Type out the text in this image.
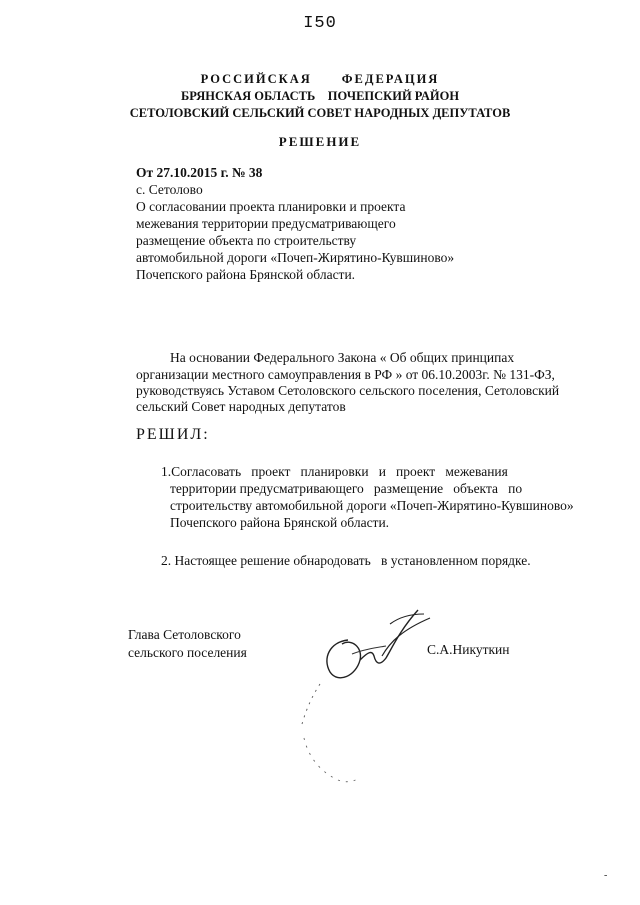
I50
РОССИЙСКАЯ ФЕДЕРАЦИЯ
БРЯНСКАЯ ОБЛАСТЬ    ПОЧЕПСКИЙ РАЙОН
СЕТОЛОВСКИЙ СЕЛЬСКИЙ СОВЕТ НАРОДНЫХ ДЕПУТАТОВ
РЕШЕНИЕ
От 27.10.2015 г. № 38
с. Сетолово
О согласовании проекта планировки и проекта
межевания территории предусматривающего
размещение объекта по строительству
автомобильной дороги «Почеп-Жирятино-Кувшиново»
Почепского района Брянской области.
На основании Федерального Закона « Об общих принципах
организации местного самоуправления в РФ » от 06.10.2003г. № 131-ФЗ,
руководствуясь Уставом Сетоловского сельского поселения, Сетоловский
сельский Совет народных депутатов
РЕШИЛ:
1.Согласовать   проект   планировки   и   проект   межевания
территории предусматривающего   размещение   объекта   по
строительству автомобильной дороги «Почеп-Жирятино-Кувшиново»
Почепского района Брянской области.
2. Настоящее решение обнародовать   в установленном порядке.
Глава Сетоловского
сельского поселения	С.А.Никуткин
-
